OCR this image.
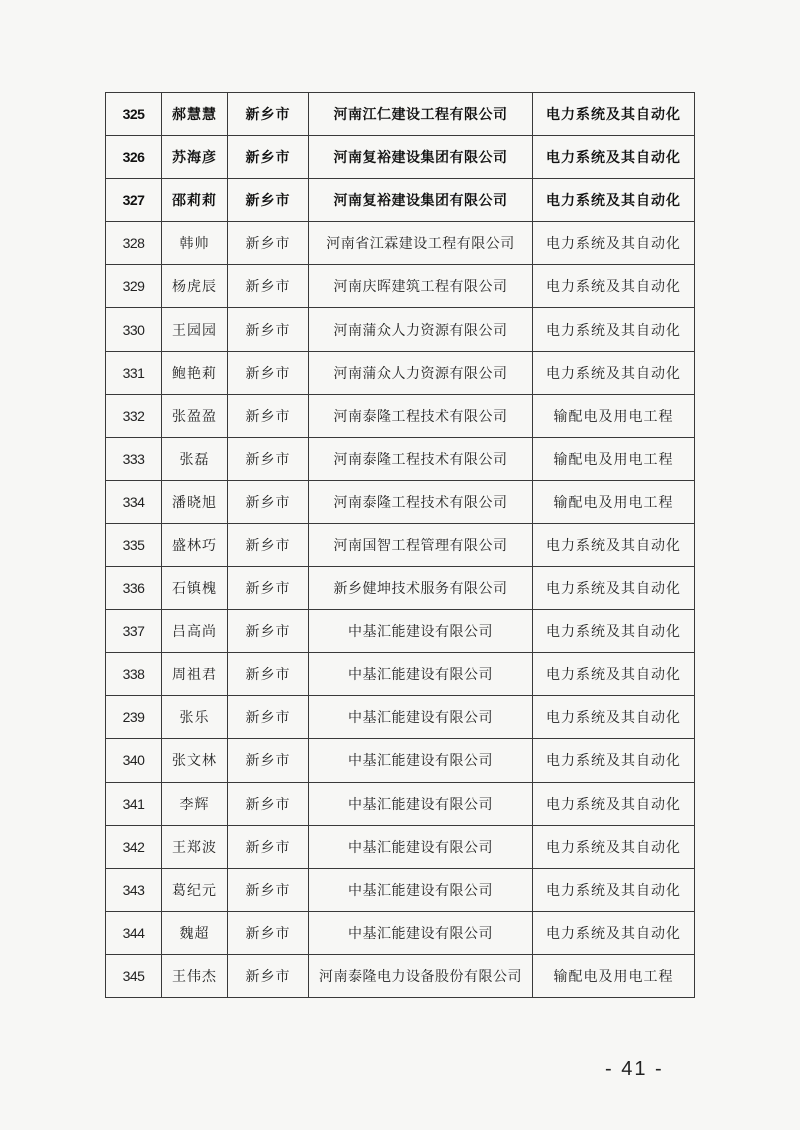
325	郝慧慧	新乡市	河南江仁建设工程有限公司	电力系统及其自动化
326	苏海彦	新乡市	河南复裕建设集团有限公司	电力系统及其自动化
327	邵莉莉	新乡市	河南复裕建设集团有限公司	电力系统及其自动化
328	韩帅	新乡市	河南省江霖建设工程有限公司	电力系统及其自动化
329	杨虎辰	新乡市	河南庆晖建筑工程有限公司	电力系统及其自动化
330	王园园	新乡市	河南蒲众人力资源有限公司	电力系统及其自动化
331	鲍艳莉	新乡市	河南蒲众人力资源有限公司	电力系统及其自动化
332	张盈盈	新乡市	河南泰隆工程技术有限公司	输配电及用电工程
333	张磊	新乡市	河南泰隆工程技术有限公司	输配电及用电工程
334	潘晓旭	新乡市	河南泰隆工程技术有限公司	输配电及用电工程
335	盛林巧	新乡市	河南国智工程管理有限公司	电力系统及其自动化
336	石镇槐	新乡市	新乡健坤技术服务有限公司	电力系统及其自动化
337	吕高尚	新乡市	中基汇能建设有限公司	电力系统及其自动化
338	周祖君	新乡市	中基汇能建设有限公司	电力系统及其自动化
239	张乐	新乡市	中基汇能建设有限公司	电力系统及其自动化
340	张文林	新乡市	中基汇能建设有限公司	电力系统及其自动化
341	李辉	新乡市	中基汇能建设有限公司	电力系统及其自动化
342	王郑波	新乡市	中基汇能建设有限公司	电力系统及其自动化
343	葛纪元	新乡市	中基汇能建设有限公司	电力系统及其自动化
344	魏超	新乡市	中基汇能建设有限公司	电力系统及其自动化
345	王伟杰	新乡市	河南泰隆电力设备股份有限公司	输配电及用电工程
- 41 -
